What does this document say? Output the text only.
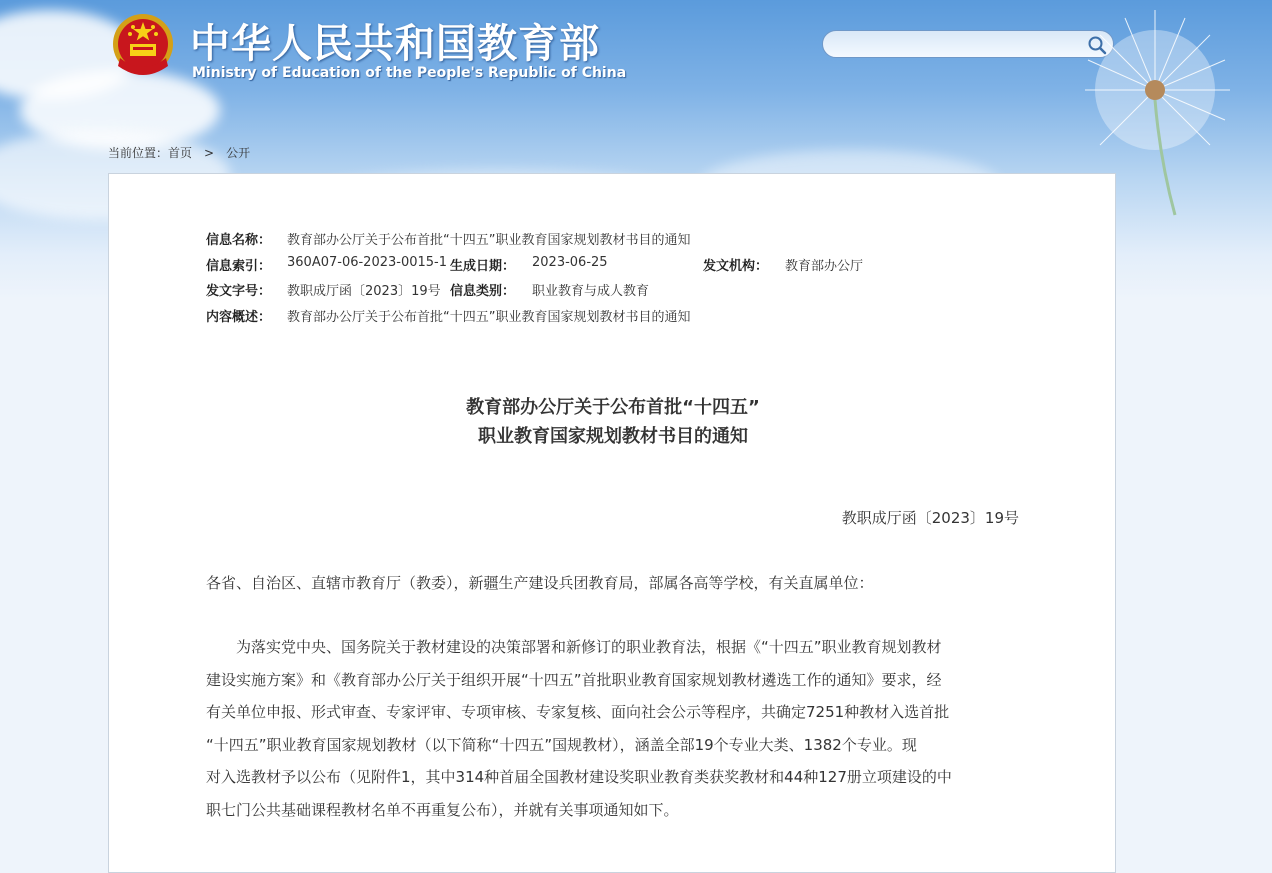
中华人民共和国教育部
Ministry of Education of the People's Republic of China
当前位置：首页 > 公开
信息名称： 教育部办公厅关于公布首批“十四五”职业教育国家规划教材书目的通知
信息索引： 360A07-06-2023-0015-1 生成日期： 2023-06-25	发文机构： 教育部办公厅
发文字号： 教职成厅函〔2023〕19号 信息类别： 职业教育与成人教育
内容概述： 教育部办公厅关于公布首批“十四五”职业教育国家规划教材书目的通知
教育部办公厅关于公布首批“十四五”
职业教育国家规划教材书目的通知
教职成厅函〔2023〕19号
各省、自治区、直辖市教育厅（教委），新疆生产建设兵团教育局，部属各高等学校，有关直属单位：
　　为落实党中央、国务院关于教材建设的决策部署和新修订的职业教育法，根据《“十四五”职业教育规划教材
建设实施方案》和《教育部办公厅关于组织开展“十四五”首批职业教育国家规划教材遴选工作的通知》要求，经
有关单位申报、形式审查、专家评审、专项审核、专家复核、面向社会公示等程序，共确定7251种教材入选首批
“十四五”职业教育国家规划教材（以下简称“十四五”国规教材），涵盖全部19个专业大类、1382个专业。现
对入选教材予以公布（见附件1，其中314种首届全国教材建设奖职业教育类获奖教材和44种127册立项建设的中
职七门公共基础课程教材名单不再重复公布），并就有关事项通知如下。
